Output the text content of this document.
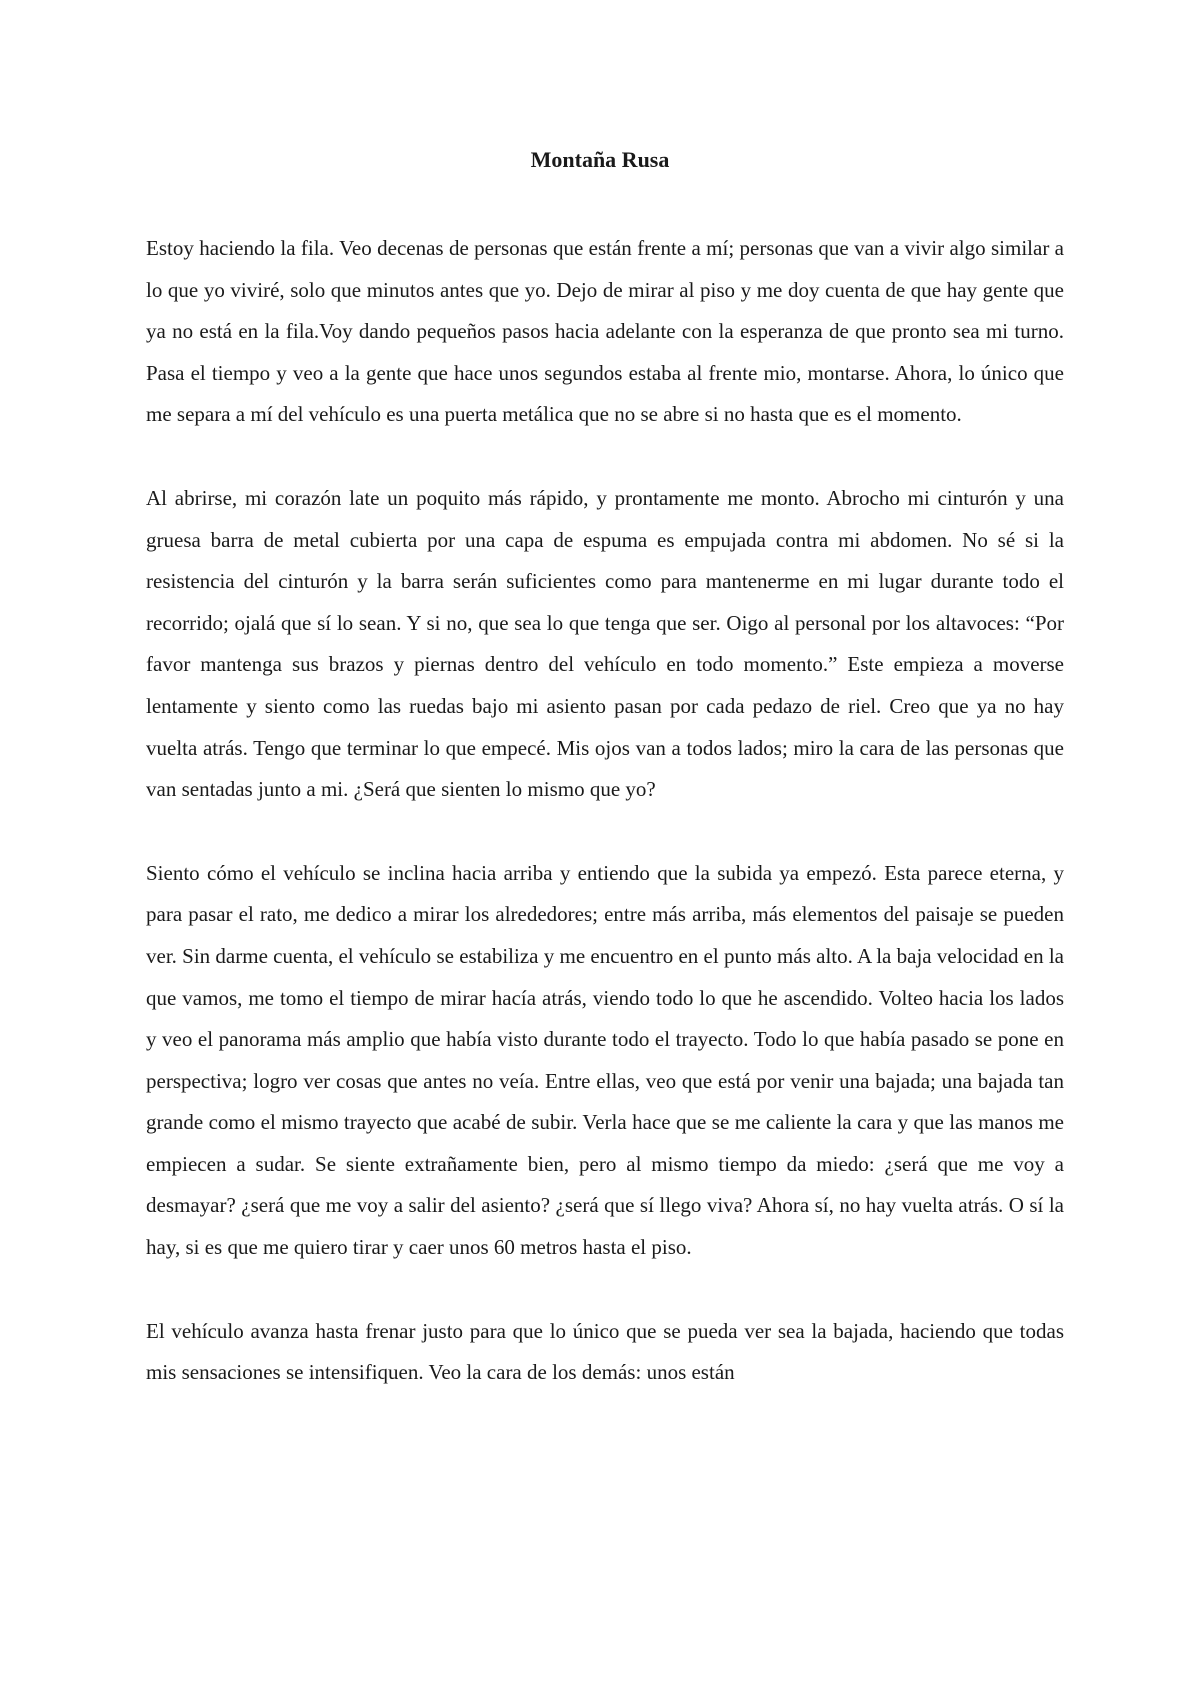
Montaña Rusa

Estoy haciendo la fila. Veo decenas de personas que están frente a mí; personas que van a vivir algo similar a lo que yo viviré, solo que minutos antes que yo. Dejo de mirar al piso y me doy cuenta de que hay gente que ya no está en la fila.Voy dando pequeños pasos hacia adelante con la esperanza de que pronto sea mi turno. Pasa el tiempo y veo a la gente que hace unos segundos estaba al frente mio, montarse. Ahora, lo único que me separa a mí del vehículo es una puerta metálica que no se abre si no hasta que es el momento.

Al abrirse, mi corazón late un poquito más rápido, y prontamente me monto. Abrocho mi cinturón y una gruesa barra de metal cubierta por una capa de espuma es empujada contra mi abdomen. No sé si la resistencia del cinturón y la barra serán suficientes como para mantenerme en mi lugar durante todo el recorrido; ojalá que sí lo sean. Y si no, que sea lo que tenga que ser. Oigo al personal por los altavoces: “Por favor mantenga sus brazos y piernas dentro del vehículo en todo momento.” Este empieza a moverse lentamente y siento como las ruedas bajo mi asiento pasan por cada pedazo de riel. Creo que ya no hay vuelta atrás. Tengo que terminar lo que empecé. Mis ojos van a todos lados; miro la cara de las personas que van sentadas junto a mi. ¿Será que sienten lo mismo que yo?

Siento cómo el vehículo se inclina hacia arriba y entiendo que la subida ya empezó. Esta parece eterna, y para pasar el rato, me dedico a mirar los alrededores; entre más arriba, más elementos del paisaje se pueden ver. Sin darme cuenta, el vehículo se estabiliza y me encuentro en el punto más alto. A la baja velocidad en la que vamos, me tomo el tiempo de mirar hacía atrás, viendo todo lo que he ascendido. Volteo hacia los lados y veo el panorama más amplio que había visto durante todo el trayecto. Todo lo que había pasado se pone en perspectiva; logro ver cosas que antes no veía. Entre ellas, veo que está por venir una bajada; una bajada tan grande como el mismo trayecto que acabé de subir. Verla hace que se me caliente la cara y que las manos me empiecen a sudar. Se siente extrañamente bien, pero al mismo tiempo da miedo: ¿será que me voy a desmayar? ¿será que me voy a salir del asiento? ¿será que sí llego viva? Ahora sí, no hay vuelta atrás. O sí la hay, si es que me quiero tirar y caer unos 60 metros hasta el piso.

El vehículo avanza hasta frenar justo para que lo único que se pueda ver sea la bajada, haciendo que todas mis sensaciones se intensifiquen. Veo la cara de los demás: unos están
